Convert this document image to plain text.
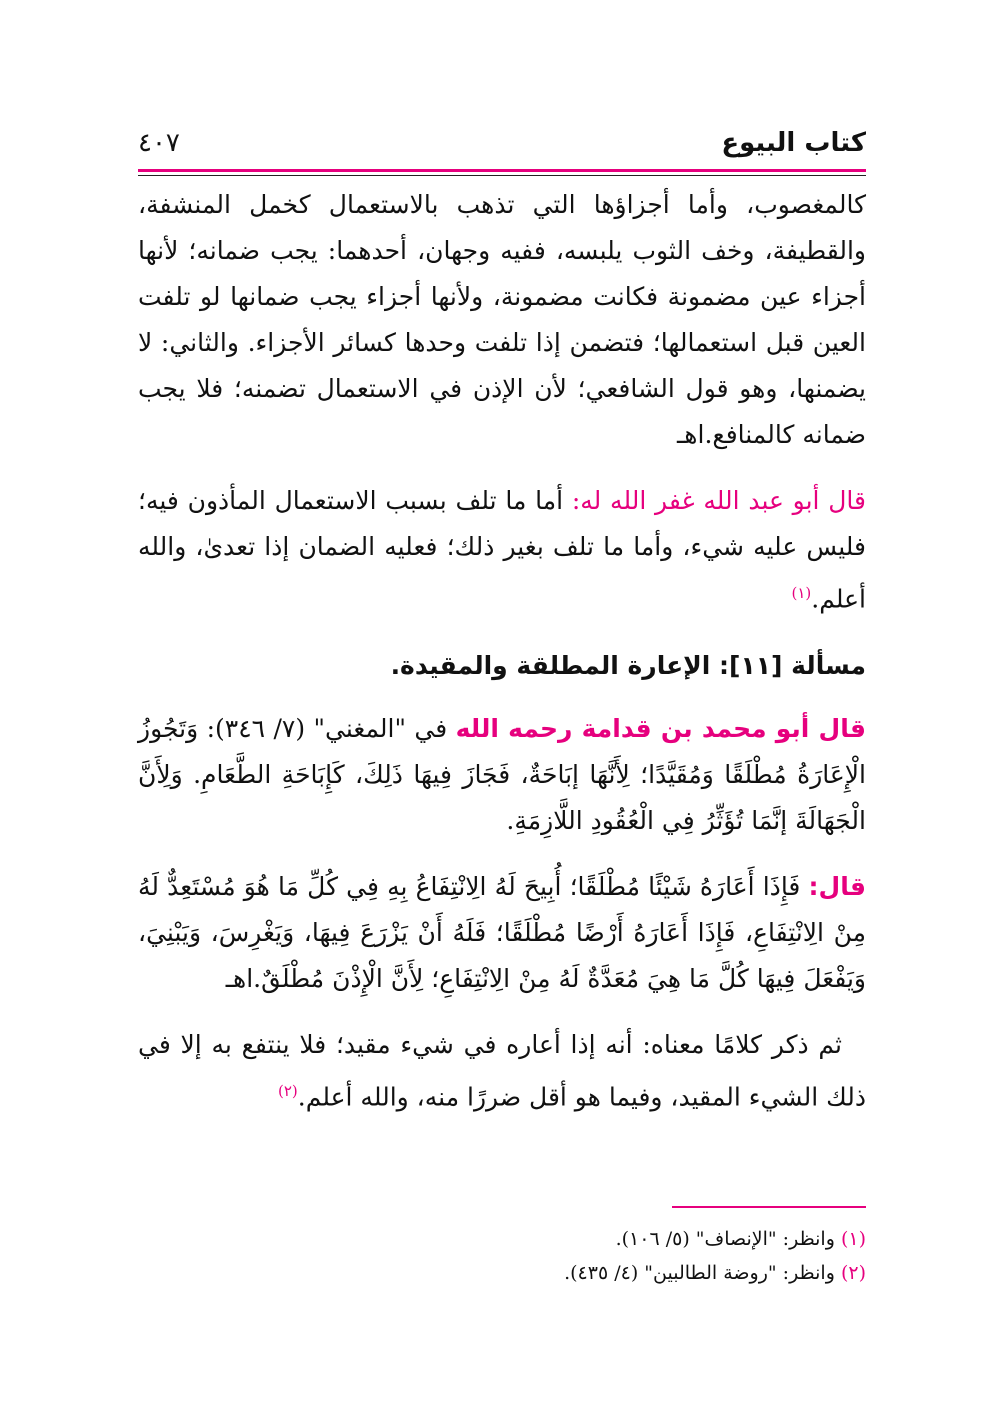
كتاب البيوع
٤٠٧

كالمغصوب، وأما أجزاؤها التي تذهب بالاستعمال كخمل المنشفة، والقطيفة، وخف الثوب يلبسه، ففيه وجهان، أحدهما: يجب ضمانه؛ لأنها أجزاء عين مضمونة فكانت مضمونة، ولأنها أجزاء يجب ضمانها لو تلفت العين قبل استعمالها؛ فتضمن إذا تلفت وحدها كسائر الأجزاء. والثاني: لا يضمنها، وهو قول الشافعي؛ لأن الإذن في الاستعمال تضمنه؛ فلا يجب ضمانه كالمنافع.اهـ

قال أبو عبد الله غفر الله له: أما ما تلف بسبب الاستعمال المأذون فيه؛ فليس عليه شيء، وأما ما تلف بغير ذلك؛ فعليه الضمان إذا تعدىٰ، والله أعلم.$^{(١)}$

مسألة [١١]: الإعارة المطلقة والمقيدة.

قال أبو محمد بن قدامة رحمه الله في "المغني" (٧/ ٣٤٦): وَتَجُوزُ الْإِعَارَةُ مُطْلَقًا وَمُقَيَّدًا؛ لِأَنَّهَا إبَاحَةٌ، فَجَازَ فِيهَا ذَلِكَ، كَإِبَاحَةِ الطَّعَامِ. وَلِأَنَّ الْجَهَالَةَ إنَّمَا تُؤَثِّرُ فِي الْعُقُودِ اللَّازِمَةِ.

قال: فَإِذَا أَعَارَهُ شَيْئًا مُطْلَقًا؛ أُبِيحَ لَهُ الِانْتِفَاعُ بِهِ فِي كُلِّ مَا هُوَ مُسْتَعِدٌّ لَهُ مِنْ الِانْتِفَاعِ، فَإِذَا أَعَارَهُ أَرْضًا مُطْلَقًا؛ فَلَهُ أَنْ يَزْرَعَ فِيهَا، وَيَغْرِسَ، وَيَبْنِيَ، وَيَفْعَلَ فِيهَا كُلَّ مَا هِيَ مُعَدَّةٌ لَهُ مِنْ الِانْتِفَاعِ؛ لِأَنَّ الْإِذْنَ مُطْلَقٌ.اهـ

ثم ذكر كلامًا معناه: أنه إذا أعاره في شيء مقيد؛ فلا ينتفع به إلا في ذلك الشيء المقيد، وفيما هو أقل ضررًا منه، والله أعلم.$^{(٢)}$

(١) وانظر: "الإنصاف" (٥/ ١٠٦).
(٢) وانظر: "روضة الطالبين" (٤/ ٤٣٥).
